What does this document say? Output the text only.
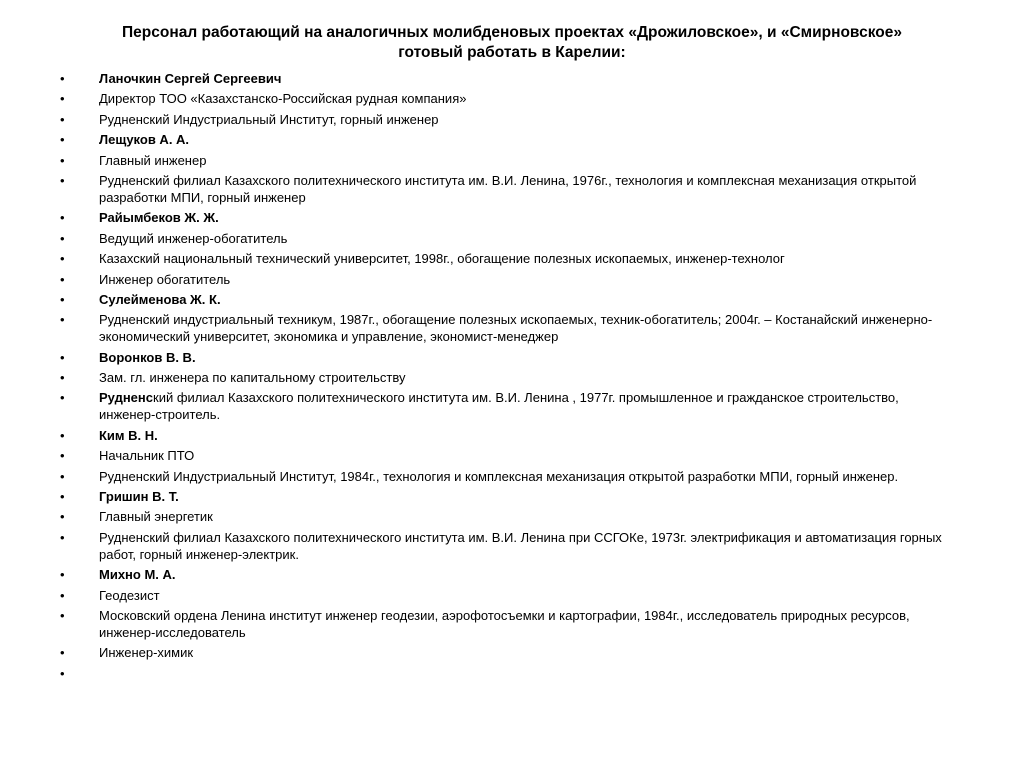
Персонал работающий на аналогичных молибденовых проектах «Дрожиловское», и «Смирновское»
готовый работать в Карелии:
•	Ланочкин Сергей Сергеевич
•	Директор ТОО «Казахстанско-Российская рудная компания»
•	Рудненский Индустриальный Институт, горный инженер
•	Лещуков А. А.
•	Главный инженер
•	Рудненский филиал Казахского политехнического института им. В.И. Ленина, 1976г., технология и комплексная механизация открытой разработки МПИ, горный инженер
•	Райымбеков Ж. Ж.
•	Ведущий инженер-обогатитель
•	Казахский национальный технический университет, 1998г., обогащение полезных ископаемых, инженер-технолог
•	Инженер обогатитель
•	Сулейменова Ж. К.
•	Рудненский индустриальный техникум, 1987г., обогащение полезных ископаемых, техник-обогатитель; 2004г. – Костанайский инженерно-экономический университет, экономика и управление, экономист-менеджер
•	Воронков В. В.
•	Зам. гл. инженера по капитальному строительству
•	Рудненский филиал Казахского политехнического института им. В.И. Ленина , 1977г. промышленное и гражданское строительство, инженер-строитель.
•	Ким В. Н.
•	Начальник ПТО
•	Рудненский Индустриальный Институт, 1984г., технология и комплексная механизация открытой разработки МПИ, горный инженер.
•	Гришин В. Т.
•	Главный энергетик
•	Рудненский филиал Казахского политехнического института им. В.И. Ленина при ССГОКе, 1973г. электрификация и автоматизация горных работ, горный инженер-электрик.
•	Михно М. А.
•	Геодезист
•	Московский ордена Ленина институт инженер геодезии, аэрофотосъемки и картографии, 1984г., исследователь природных ресурсов, инженер-исследователь
•	Инженер-химик
•
